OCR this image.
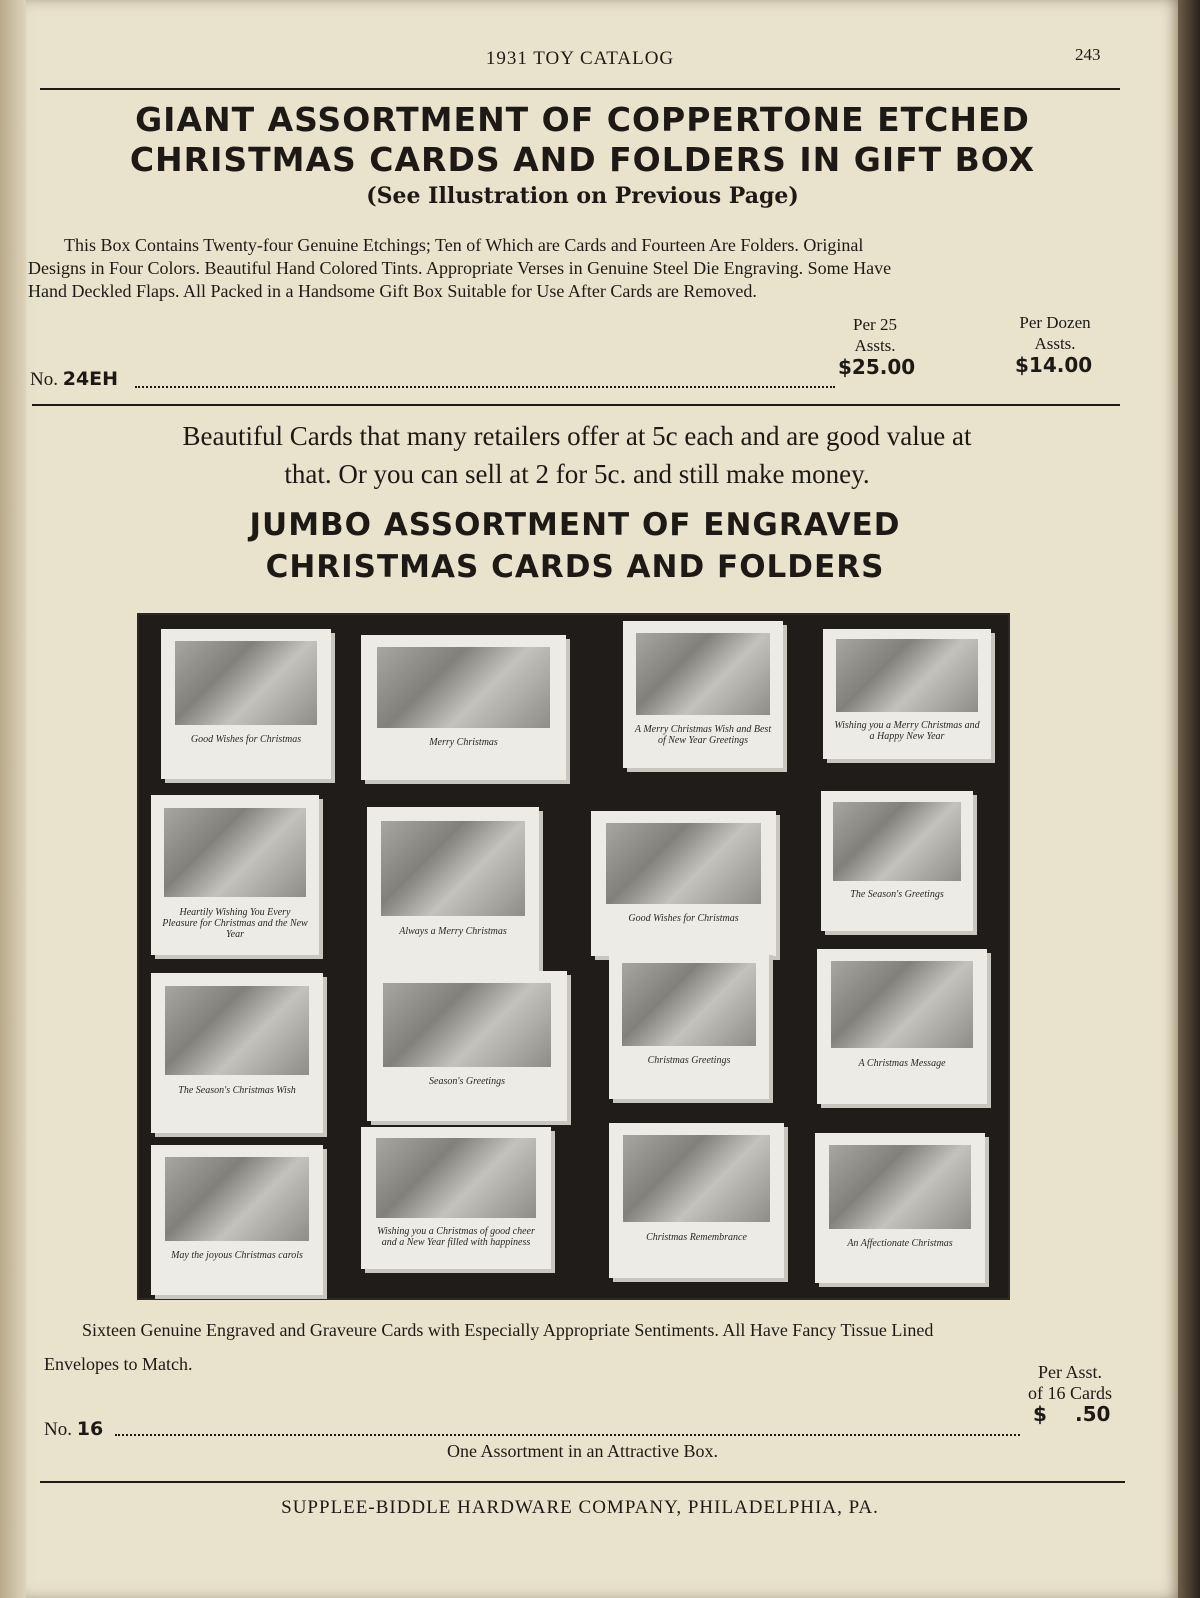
1931 TOY CATALOG	243
GIANT ASSORTMENT OF COPPERTONE ETCHED
CHRISTMAS CARDS AND FOLDERS IN GIFT BOX
(See Illustration on Previous Page)
This Box Contains Twenty-four Genuine Etchings; Ten of Which are Cards and Fourteen Are Folders. Original
Designs in Four Colors. Beautiful Hand Colored Tints. Appropriate Verses in Genuine Steel Die Engraving. Some Have
Hand Deckled Flaps. All Packed in a Handsome Gift Box Suitable for Use After Cards are Removed.
Per 25
Assts.
Per Dozen
Assts.
No. 24EH	$25.00	$14.00
Beautiful Cards that many retailers offer at 5c each and are good value at
that. Or you can sell at 2 for 5c. and still make money.
JUMBO ASSORTMENT OF ENGRAVED
CHRISTMAS CARDS AND FOLDERS
Good Wishes for Christmas	Merry Christmas
A Merry Christmas Wish and Best of New Year Greetings
Wishing you a Merry Christmas and a Happy New Year
Heartily Wishing You Every Pleasure for Christmas and the New Year	Always a Merry Christmas
Good Wishes for Christmas
The Season's Greetings
The Season's Christmas Wish
Season's Greetings
Christmas Greetings	A Christmas Message
May the joyous Christmas carols
Wishing you a Christmas of good cheer and a New Year filled with happiness
Christmas Remembrance
An Affectionate Christmas
Sixteen Genuine Engraved and Graveure Cards with Especially Appropriate Sentiments. All Have Fancy Tissue Lined
Envelopes to Match.	Per Asst.
of 16 Cards
No. 16
$ .50
One Assortment in an Attractive Box.
SUPPLEE-BIDDLE HARDWARE COMPANY, PHILADELPHIA, PA.
